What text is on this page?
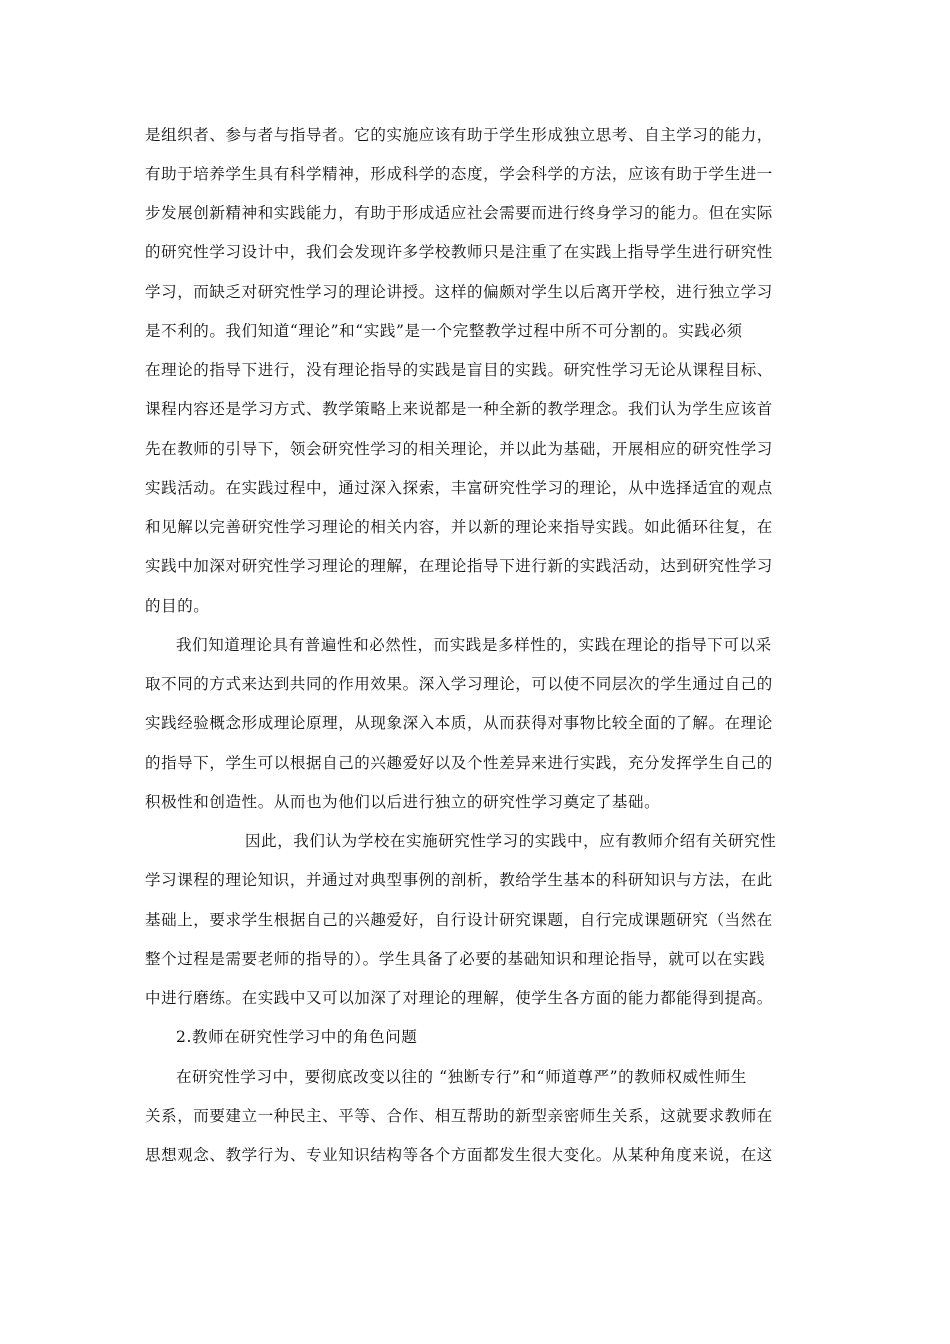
是组织者、参与者与指导者。它的实施应该有助于学生形成独立思考、自主学习的能力，
有助于培养学生具有科学精神，形成科学的态度，学会科学的方法，应该有助于学生进一
步发展创新精神和实践能力，有助于形成适应社会需要而进行终身学习的能力。但在实际
的研究性学习设计中，我们会发现许多学校教师只是注重了在实践上指导学生进行研究性
学习，而缺乏对研究性学习的理论讲授。这样的偏颇对学生以后离开学校，进行独立学习
是不利的。我们知道“理论”和“实践”是一个完整教学过程中所不可分割的。实践必须
在理论的指导下进行，没有理论指导的实践是盲目的实践。研究性学习无论从课程目标、
课程内容还是学习方式、教学策略上来说都是一种全新的教学理念。我们认为学生应该首
先在教师的引导下，领会研究性学习的相关理论，并以此为基础，开展相应的研究性学习
实践活动。在实践过程中，通过深入探索，丰富研究性学习的理论，从中选择适宜的观点
和见解以完善研究性学习理论的相关内容，并以新的理论来指导实践。如此循环往复，在
实践中加深对研究性学习理论的理解，在理论指导下进行新的实践活动，达到研究性学习
的目的。
我们知道理论具有普遍性和必然性，而实践是多样性的，实践在理论的指导下可以采
取不同的方式来达到共同的作用效果。深入学习理论，可以使不同层次的学生通过自己的
实践经验概念形成理论原理，从现象深入本质，从而获得对事物比较全面的了解。在理论
的指导下，学生可以根据自己的兴趣爱好以及个性差异来进行实践，充分发挥学生自己的
积极性和创造性。从而也为他们以后进行独立的研究性学习奠定了基础。
因此，我们认为学校在实施研究性学习的实践中，应有教师介绍有关研究性
学习课程的理论知识，并通过对典型事例的剖析，教给学生基本的科研知识与方法，在此
基础上，要求学生根据自己的兴趣爱好，自行设计研究课题，自行完成课题研究（当然在
整个过程是需要老师的指导的）。学生具备了必要的基础知识和理论指导，就可以在实践
中进行磨练。在实践中又可以加深了对理论的理解，使学生各方面的能力都能得到提高。
2.教师在研究性学习中的角色问题
在研究性学习中，要彻底改变以往的 “独断专行”和“师道尊严”的教师权威性师生
关系，而要建立一种民主、平等、合作、相互帮助的新型亲密师生关系，这就要求教师在
思想观念、教学行为、专业知识结构等各个方面都发生很大变化。从某种角度来说，在这
